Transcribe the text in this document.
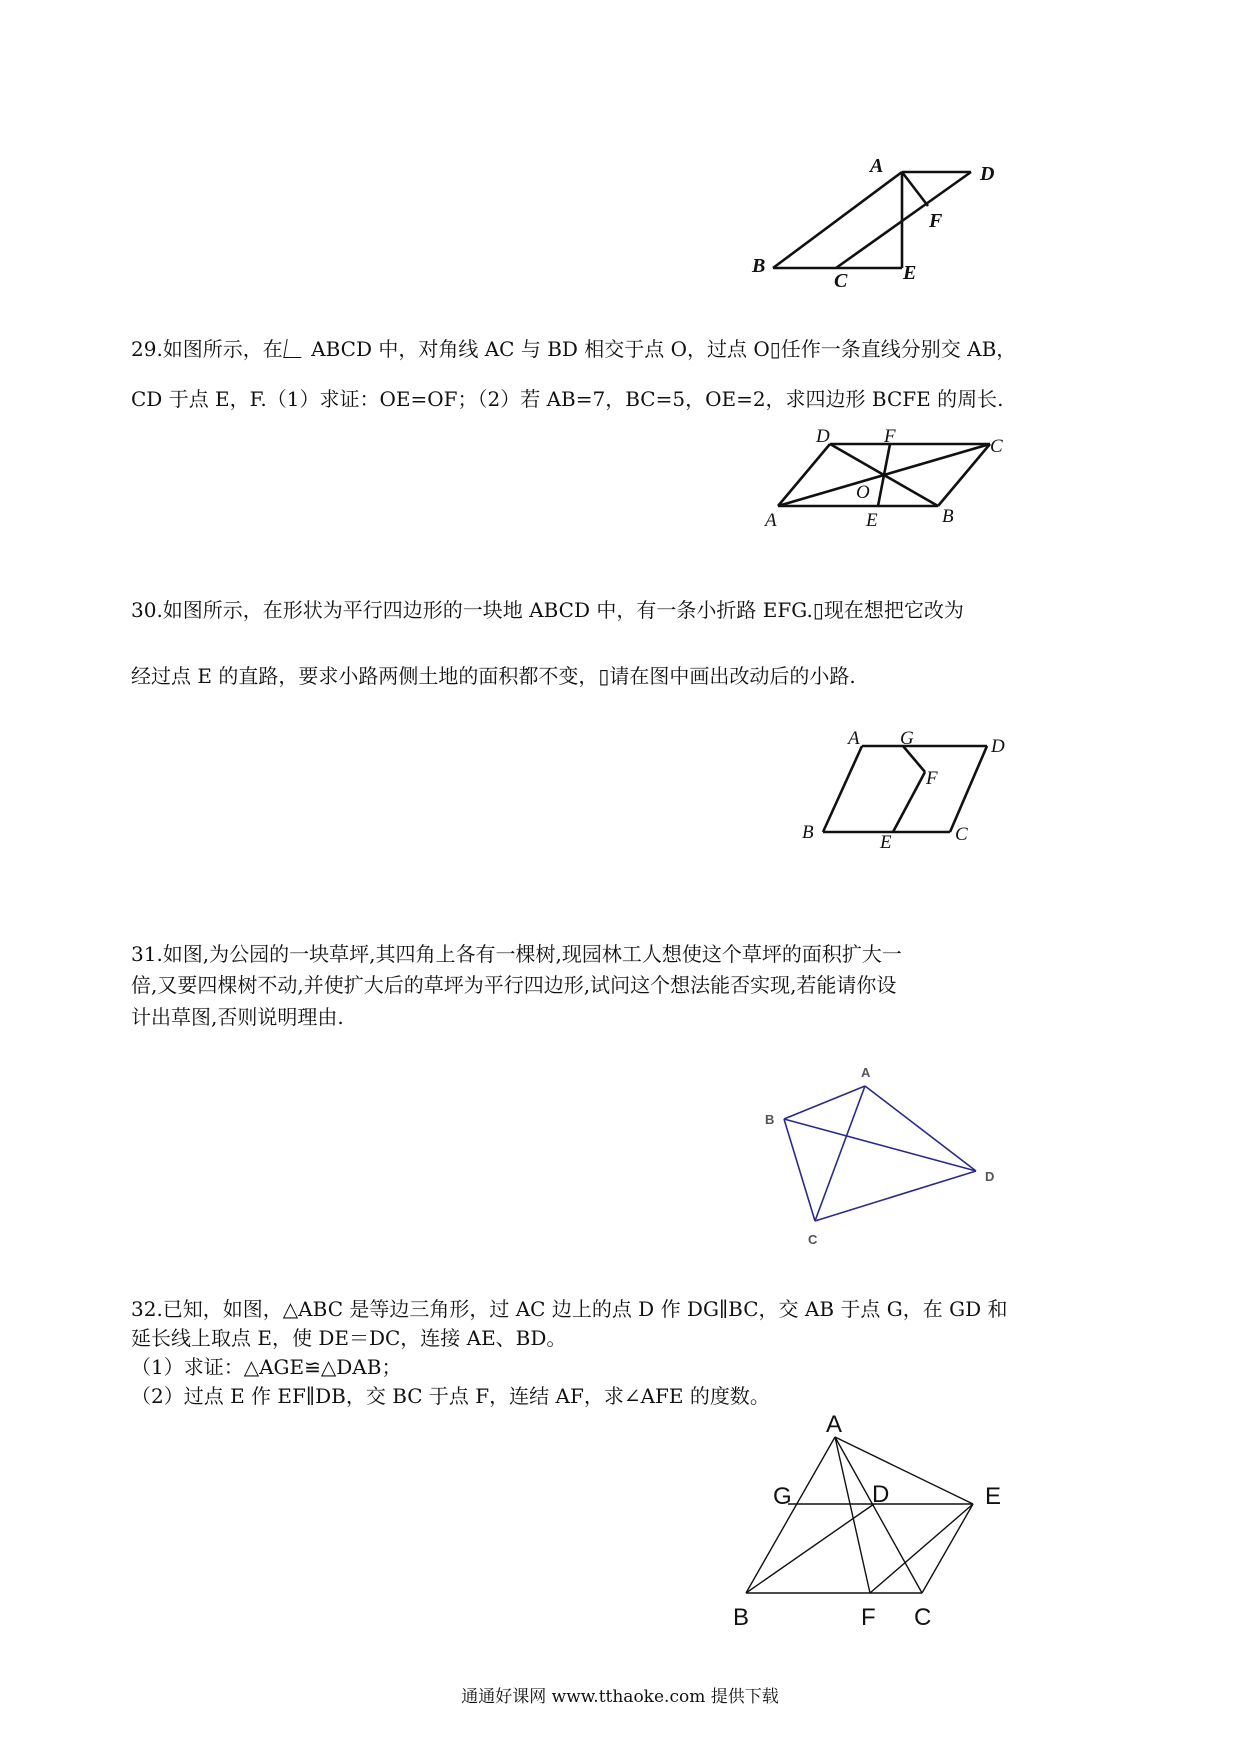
A	D
F
B
C	E
29.如图所示，在 ABCD 中，对角线 AC 与 BD 相交于点 O，过点 O▯任作一条直线分别交 AB，
CD 于点 E，F.（1）求证：OE=OF；（2）若 AB=7，BC=5，OE=2，求四边形 BCFE 的周长.
D	F	C
O
A	E	B
30.如图所示，在形状为平行四边形的一块地 ABCD 中，有一条小折路 EFG.▯现在想把它改为
经过点 E 的直路，要求小路两侧土地的面积都不变，▯请在图中画出改动后的小路.
A G	D
F
B	E	C
31.如图,为公园的一块草坪,其四角上各有一棵树,现园林工人想使这个草坪的面积扩大一
倍,又要四棵树不动,并使扩大后的草坪为平行四边形,试问这个想法能否实现,若能请你设
计出草图,否则说明理由.
A
B
D
C
32.已知，如图，△ABC 是等边三角形，过 AC 边上的点 D 作 DG∥BC，交 AB 于点 G，在 GD 和
延长线上取点 E，使 DE＝DC，连接 AE、BD。
（1）求证：△AGE≌△DAB；
（2）过点 E 作 EF∥DB，交 BC 于点 F，连结 AF，求∠AFE 的度数。
A
G	D	E
B	F C
通通好课网 www.tthaoke.com 提供下载
